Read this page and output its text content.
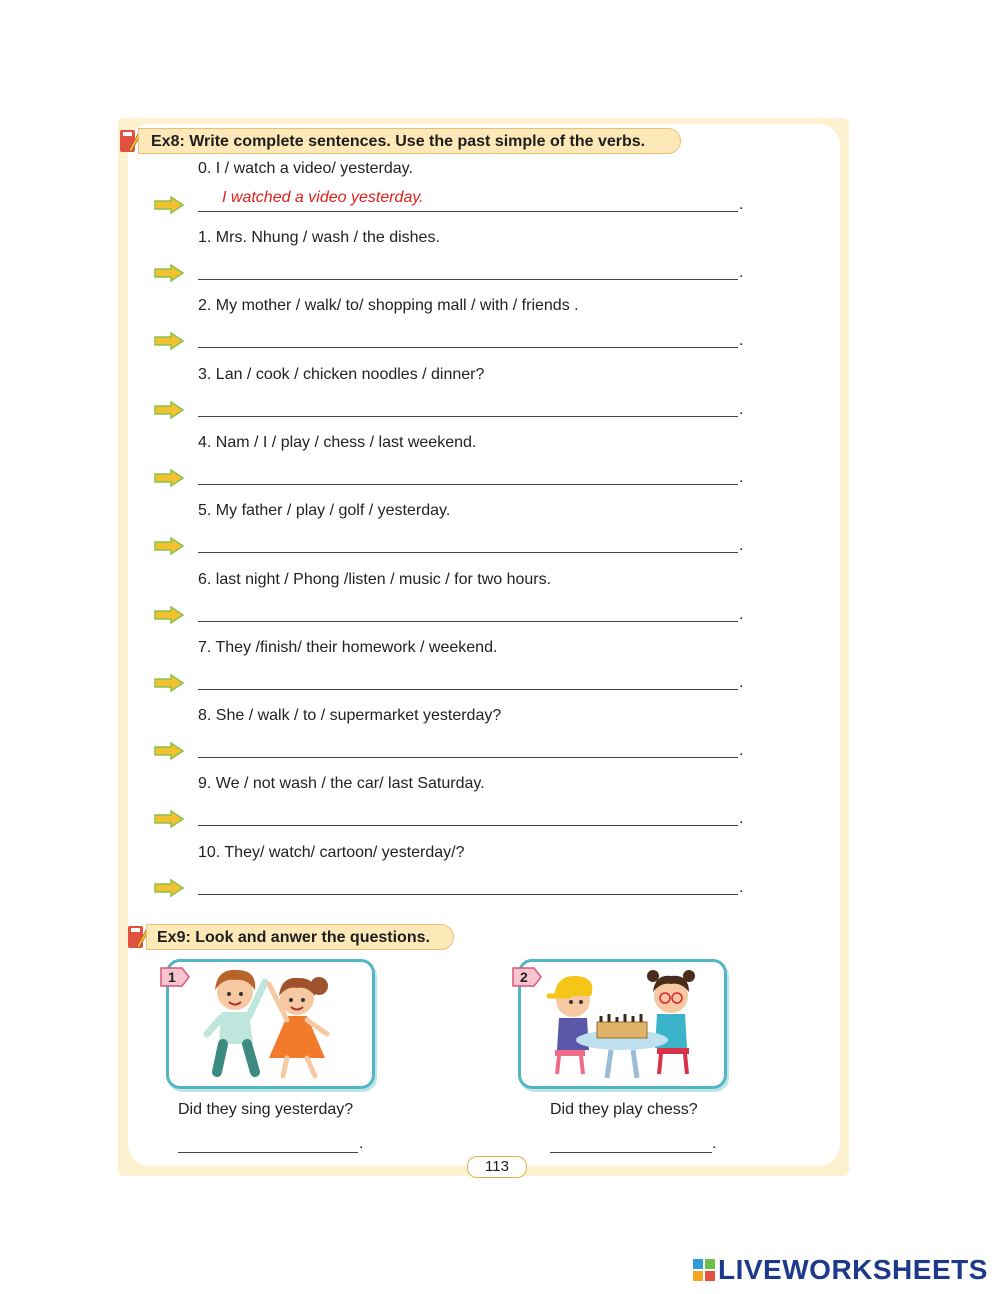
Ex8: Write complete sentences. Use the past simple of the verbs.
0. I / watch a video/ yesterday.
I watched a video yesterday.	.
1. Mrs. Nhung / wash / the dishes.
.
2. My mother / walk/ to/ shopping mall / with / friends .
.
3. Lan / cook / chicken noodles / dinner?
.
4. Nam / I / play / chess / last weekend.
.
5. My father / play / golf / yesterday.
.
6. last night / Phong /listen / music / for two hours.
.
7. They /finish/ their homework / weekend.
.
8. She / walk / to / supermarket yesterday?
.
9. We / not wash / the car/ last Saturday.
.
10. They/ watch/ cartoon/ yesterday/?
.
Ex9: Look and anwer the questions.
1	2
Did they sing yesterday?
.
Did they play chess?
.
113
LIVEWORKSHEETS
